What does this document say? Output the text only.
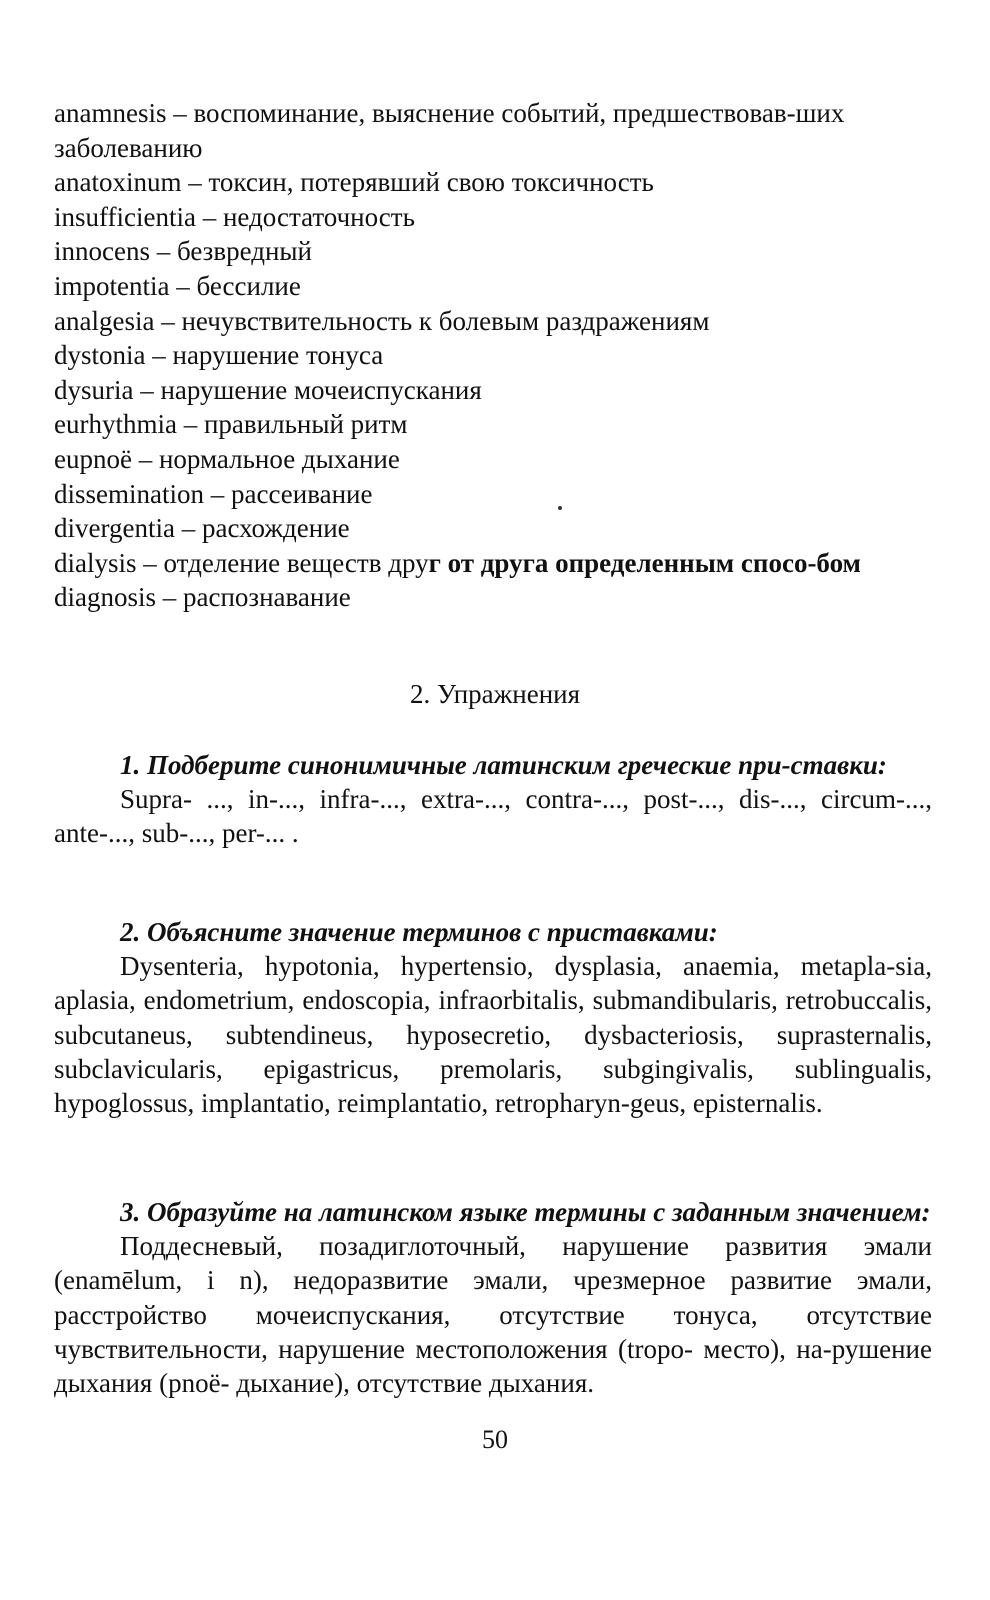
anamnesis – воспоминание, выяснение событий, предшествовав-ших заболеванию
anatoxinum – токсин, потерявший свою токсичность
insufficientia – недостаточность
innocens – безвредный
impotentia – бессилие
analgesia – нечувствительность к болевым раздражениям
dystonia – нарушение тонуса
dysuria – нарушение мочеиспускания
eurhythmia – правильный ритм
eupnoë – нормальное дыхание
dissemination – рассеивание
divergentia – расхождение
dialysis – отделение веществ друг от друга определенным спосо-бом
diagnosis – распознавание
2. Упражнения

1. Подберите синонимичные латинским греческие при-ставки:

Supra- ..., in-..., infra-..., extra-..., contra-..., post-..., dis-..., circum-..., ante-..., sub-..., per-... .

2. Объясните значение терминов с приставками:

Dysenteria, hypotonia, hypertensio, dysplasia, anaemia, metapla-sia, aplasia, endometrium, endoscopia, infraorbitalis, submandibularis, retrobuccalis, subcutaneus, subtendineus, hyposecretio, dysbacteriosis, suprasternalis, subclavicularis, epigastricus, premolaris, subgingivalis, sublingualis, hypoglossus, implantatio, reimplantatio, retropharyn-geus, episternalis.

3. Образуйте на латинском языке термины с заданным значением:

Поддесневый, позадиглоточный, нарушение развития эмали (enamēlum, i n), недоразвитие эмали, чрезмерное развитие эмали, расстройство мочеиспускания, отсутствие тонуса, отсутствие чувствительности, нарушение местоположения (tropo- место), на-рушение дыхания (pnoë- дыхание), отсутствие дыхания.

50
